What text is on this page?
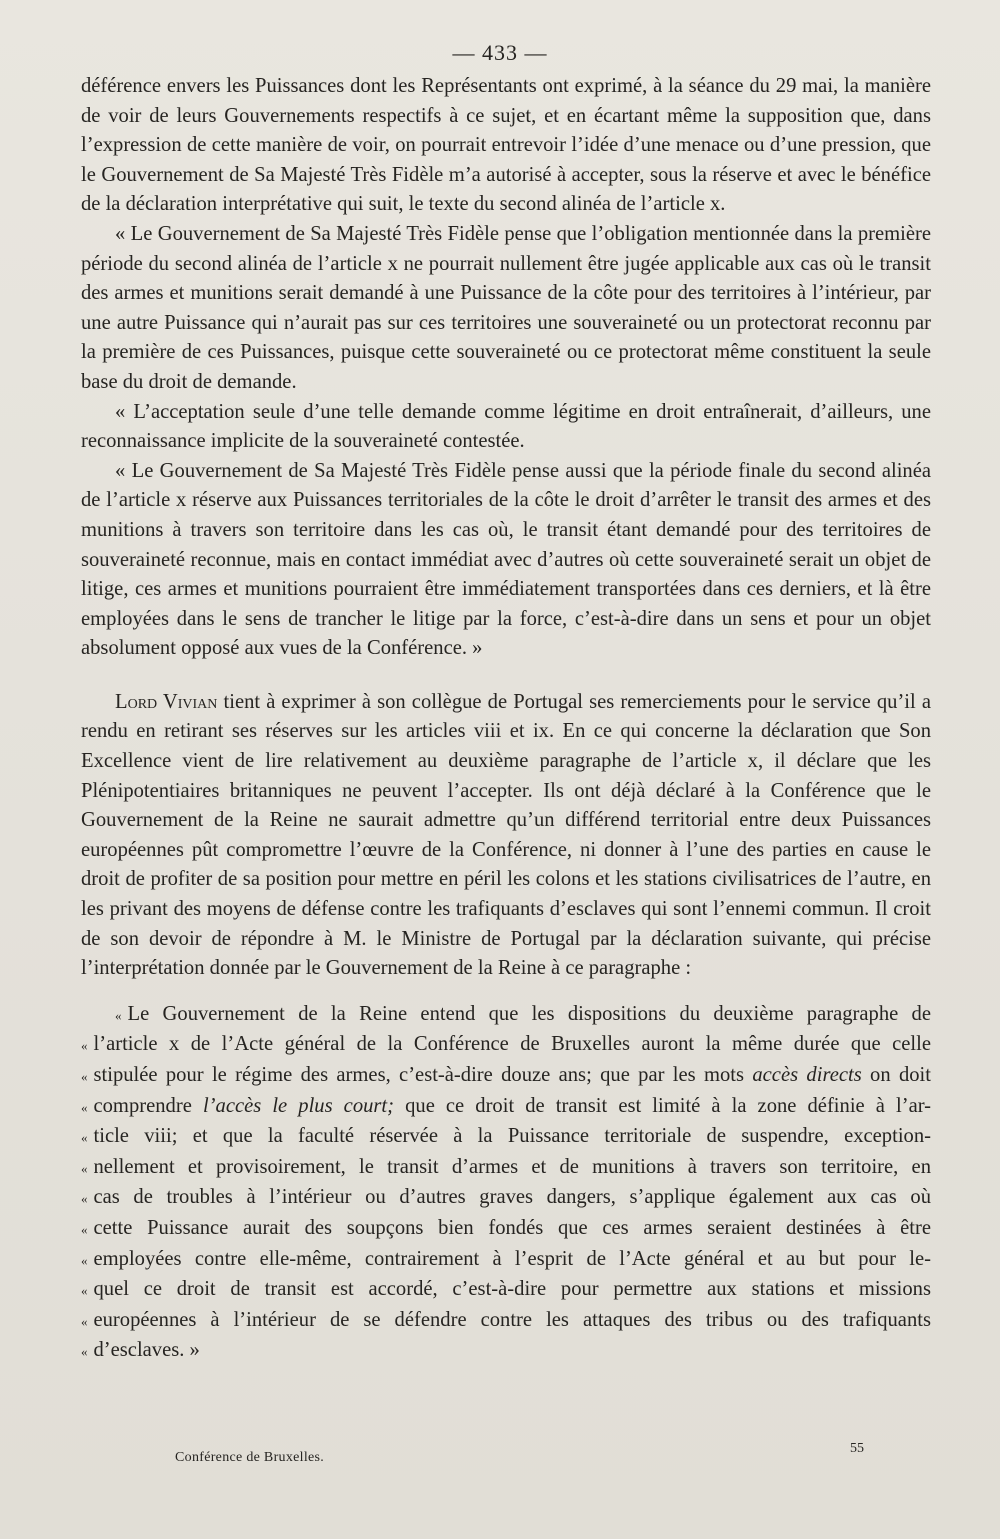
— 433 —

déférence envers les Puissances dont les Représentants ont exprimé, à la séance du 29 mai, la manière de voir de leurs Gouvernements respectifs à ce sujet, et en écartant même la supposition que, dans l’expression de cette manière de voir, on pourrait entrevoir l’idée d’une menace ou d’une pression, que le Gouvernement de Sa Majesté Très Fidèle m’a autorisé à accepter, sous la réserve et avec le bénéfice de la déclaration interprétative qui suit, le texte du second alinéa de l’article x.

« Le Gouvernement de Sa Majesté Très Fidèle pense que l’obligation mentionnée dans la première période du second alinéa de l’article x ne pourrait nullement être jugée applicable aux cas où le transit des armes et munitions serait demandé à une Puissance de la côte pour des territoires à l’intérieur, par une autre Puissance qui n’aurait pas sur ces territoires une souveraineté ou un protectorat reconnu par la première de ces Puissances, puisque cette souveraineté ou ce protectorat même constituent la seule base du droit de demande.

« L’acceptation seule d’une telle demande comme légitime en droit entraînerait, d’ailleurs, une reconnaissance implicite de la souveraineté contestée.

« Le Gouvernement de Sa Majesté Très Fidèle pense aussi que la période finale du second alinéa de l’article x réserve aux Puissances territoriales de la côte le droit d’arrêter le transit des armes et des munitions à travers son territoire dans les cas où, le transit étant demandé pour des territoires de souveraineté reconnue, mais en contact immédiat avec d’autres où cette souveraineté serait un objet de litige, ces armes et munitions pourraient être immédiatement transportées dans ces derniers, et là être employées dans le sens de trancher le litige par la force, c’est-à-dire dans un sens et pour un objet absolument opposé aux vues de la Conférence. »

Lord Vivian tient à exprimer à son collègue de Portugal ses remerciements pour le service qu’il a rendu en retirant ses réserves sur les articles viii et ix. En ce qui concerne la déclaration que Son Excellence vient de lire relativement au deuxième paragraphe de l’article x, il déclare que les Plénipotentiaires britanniques ne peuvent l’accepter. Ils ont déjà déclaré à la Conférence que le Gouvernement de la Reine ne saurait admettre qu’un différend territorial entre deux Puissances européennes pût compromettre l’œuvre de la Conférence, ni donner à l’une des parties en cause le droit de profiter de sa position pour mettre en péril les colons et les stations civilisatrices de l’autre, en les privant des moyens de défense contre les trafiquants d’esclaves qui sont l’ennemi commun. Il croit de son devoir de répondre à M. le Ministre de Portugal par la déclaration suivante, qui précise l’interprétation donnée par le Gouvernement de la Reine à ce paragraphe :

« Le Gouvernement de la Reine entend que les dispositions du deuxième paragraphe de
« l’article x de l’Acte général de la Conférence de Bruxelles auront la même durée que celle
« stipulée pour le régime des armes, c’est-à-dire douze ans; que par les mots accès directs on doit
« comprendre l’accès le plus court; que ce droit de transit est limité à la zone définie à l’ar-
« ticle viii; et que la faculté réservée à la Puissance territoriale de suspendre, exception-
« nellement et provisoirement, le transit d’armes et de munitions à travers son territoire, en
« cas de troubles à l’intérieur ou d’autres graves dangers, s’applique également aux cas où
« cette Puissance aurait des soupçons bien fondés que ces armes seraient destinées à être
« employées contre elle-même, contrairement à l’esprit de l’Acte général et au but pour le-
« quel ce droit de transit est accordé, c’est-à-dire pour permettre aux stations et missions
« européennes à l’intérieur de se défendre contre les attaques des tribus ou des trafiquants
« d’esclaves. »
Conférence de Bruxelles.
55
